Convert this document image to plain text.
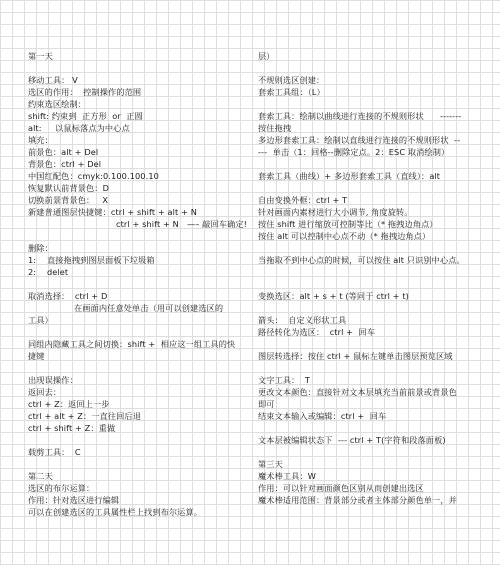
第一天
移动工具： V
选区的作用：  控制操作的范围
约束选区绘制：
shift: 约束到  正方形  or  正圆
alt:     以鼠标落点为中心点
填充：
前景色：alt + Del
背景色：ctrl + Del
中国红配色：cmyk:0.100.100.10
恢复默认前背景色：D
切换前景背景色：   X
新建普通图层快捷键：ctrl + shift + alt + N
ctrl + shift + N   —– 敲回车确定!
删除：
1:    直接拖拽到图层面板下垃圾箱
2:    delet
取消选择：  ctrl + D
在画面内任意处单击（用可以创建选区的
工具）
同组内隐藏工具之间切换：shift +  相应这一组工具的快
捷键
出现误操作：
返回去：
ctrl + Z：返回上一步
ctrl + alt + Z：一直往回后退
ctrl + shift + Z：重做
载剪工具：  C
第二天
选区的布尔运算：
作用：针对选区进行编辑
可以在创建选区的工具属性栏上找到布尔运算。
层）
不规则选区创建：
套索工具组：（L）
套索工具：绘制以曲线进行连接的不规则形状      -------
按住拖拽
多边形套索工具：绘制以直线进行连接的不规则形状  --
---  单击（1：回格--删除定点。2：ESC 取消绘制）
套索工具（曲线）+ 多边形套索工具（直线）：alt
自由变换外框：ctrl + T
针对画面内素材进行大小调节, 角度旋转。
按住 shift 进行缩放可控制等比（* 拖拽边角点）
按住 alt 可以控制中心点不动（* 拖拽边角点）
当拖取不到中心点的时候，可以按住 alt 只识别中心点。
变换选区：alt + s + t (等同于 ctrl + t)
箭头：  自定义形状工具
路径转化为选区：  ctrl +  回车
图层转选择：按住 ctrl + 鼠标左键单击图层预览区域
文字工具：  T
更改文本颜色：直接针对文本层填充当前前景或背景色
即可
结束文本输入或编辑：ctrl +  回车
文本层被编辑状态下  --- ctrl + T(字符和段落面板)
第三天
魔术棒工具：W
作用：可以针对画面颜色区别从而创建出选区
魔术棒适用范围：背景部分或者主体部分颜色单一，并
